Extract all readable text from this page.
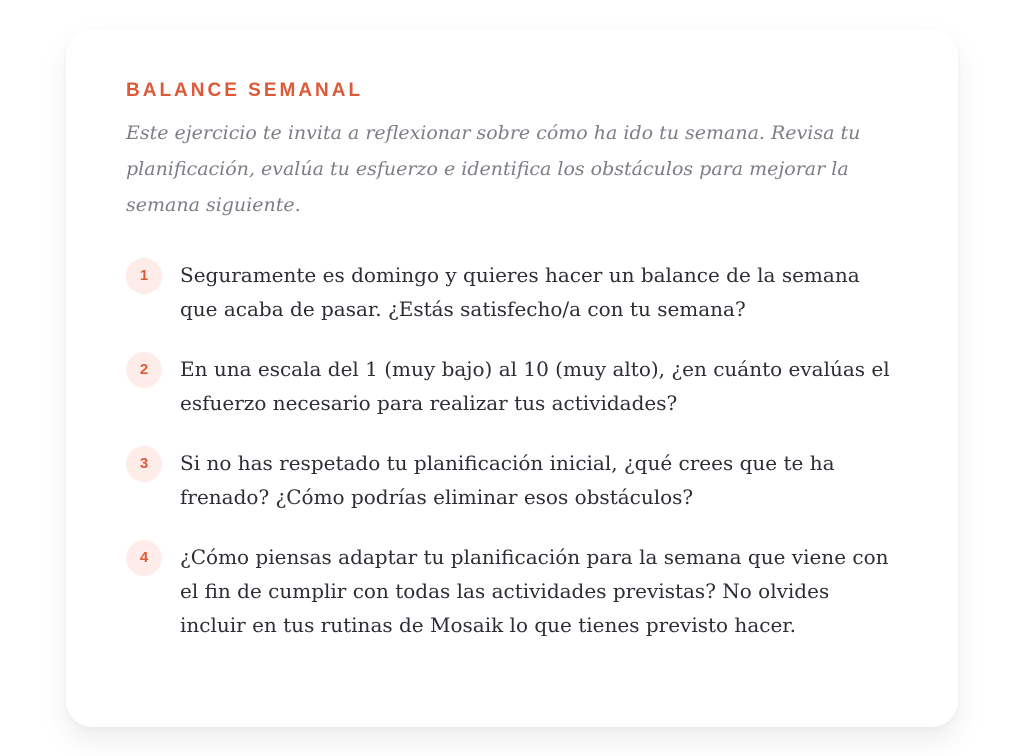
BALANCE SEMANAL

Este ejercicio te invita a reflexionar sobre cómo ha ido tu semana. Revisa tu planificación, evalúa tu esfuerzo e identifica los obstáculos para mejorar la semana siguiente.

1	Seguramente es domingo y quieres hacer un balance de la semana que acaba de pasar. ¿Estás satisfecho/a con tu semana?

2	En una escala del 1 (muy bajo) al 10 (muy alto), ¿en cuánto evalúas el esfuerzo necesario para realizar tus actividades?

3	Si no has respetado tu planificación inicial, ¿qué crees que te ha frenado? ¿Cómo podrías eliminar esos obstáculos?

4	¿Cómo piensas adaptar tu planificación para la semana que viene con el fin de cumplir con todas las actividades previstas? No olvides incluir en tus rutinas de Mosaik lo que tienes previsto hacer.
